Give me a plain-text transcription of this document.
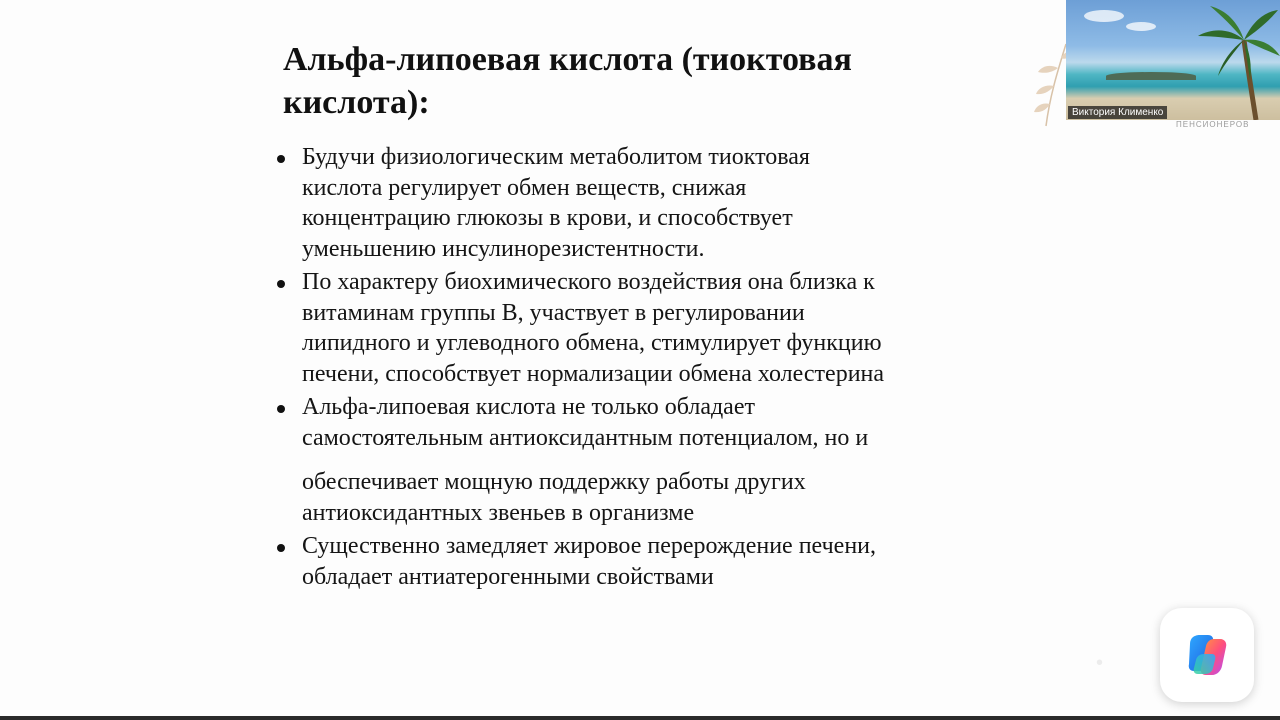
Альфа-липоевая кислота (тиоктовая кислота):
Будучи физиологическим метаболитом тиоктовая
кислота регулирует обмен веществ, снижая
концентрацию глюкозы в крови, и способствует
уменьшению инсулинорезистентности.
По характеру биохимического воздействия она близка к
витаминам группы В, участвует в регулировании
липидного и углеводного обмена, стимулирует функцию
печени, способствует нормализации обмена холестерина
Альфа-липоевая кислота не только обладает
самостоятельным антиоксидантным потенциалом, но и
обеспечивает мощную поддержку работы других
антиоксидантных звеньев в организме
Существенно замедляет жировое перерождение печени,
обладает антиатерогенными свойствами
Виктория Клименко
ПЕНСИОНЕРОВ
•
